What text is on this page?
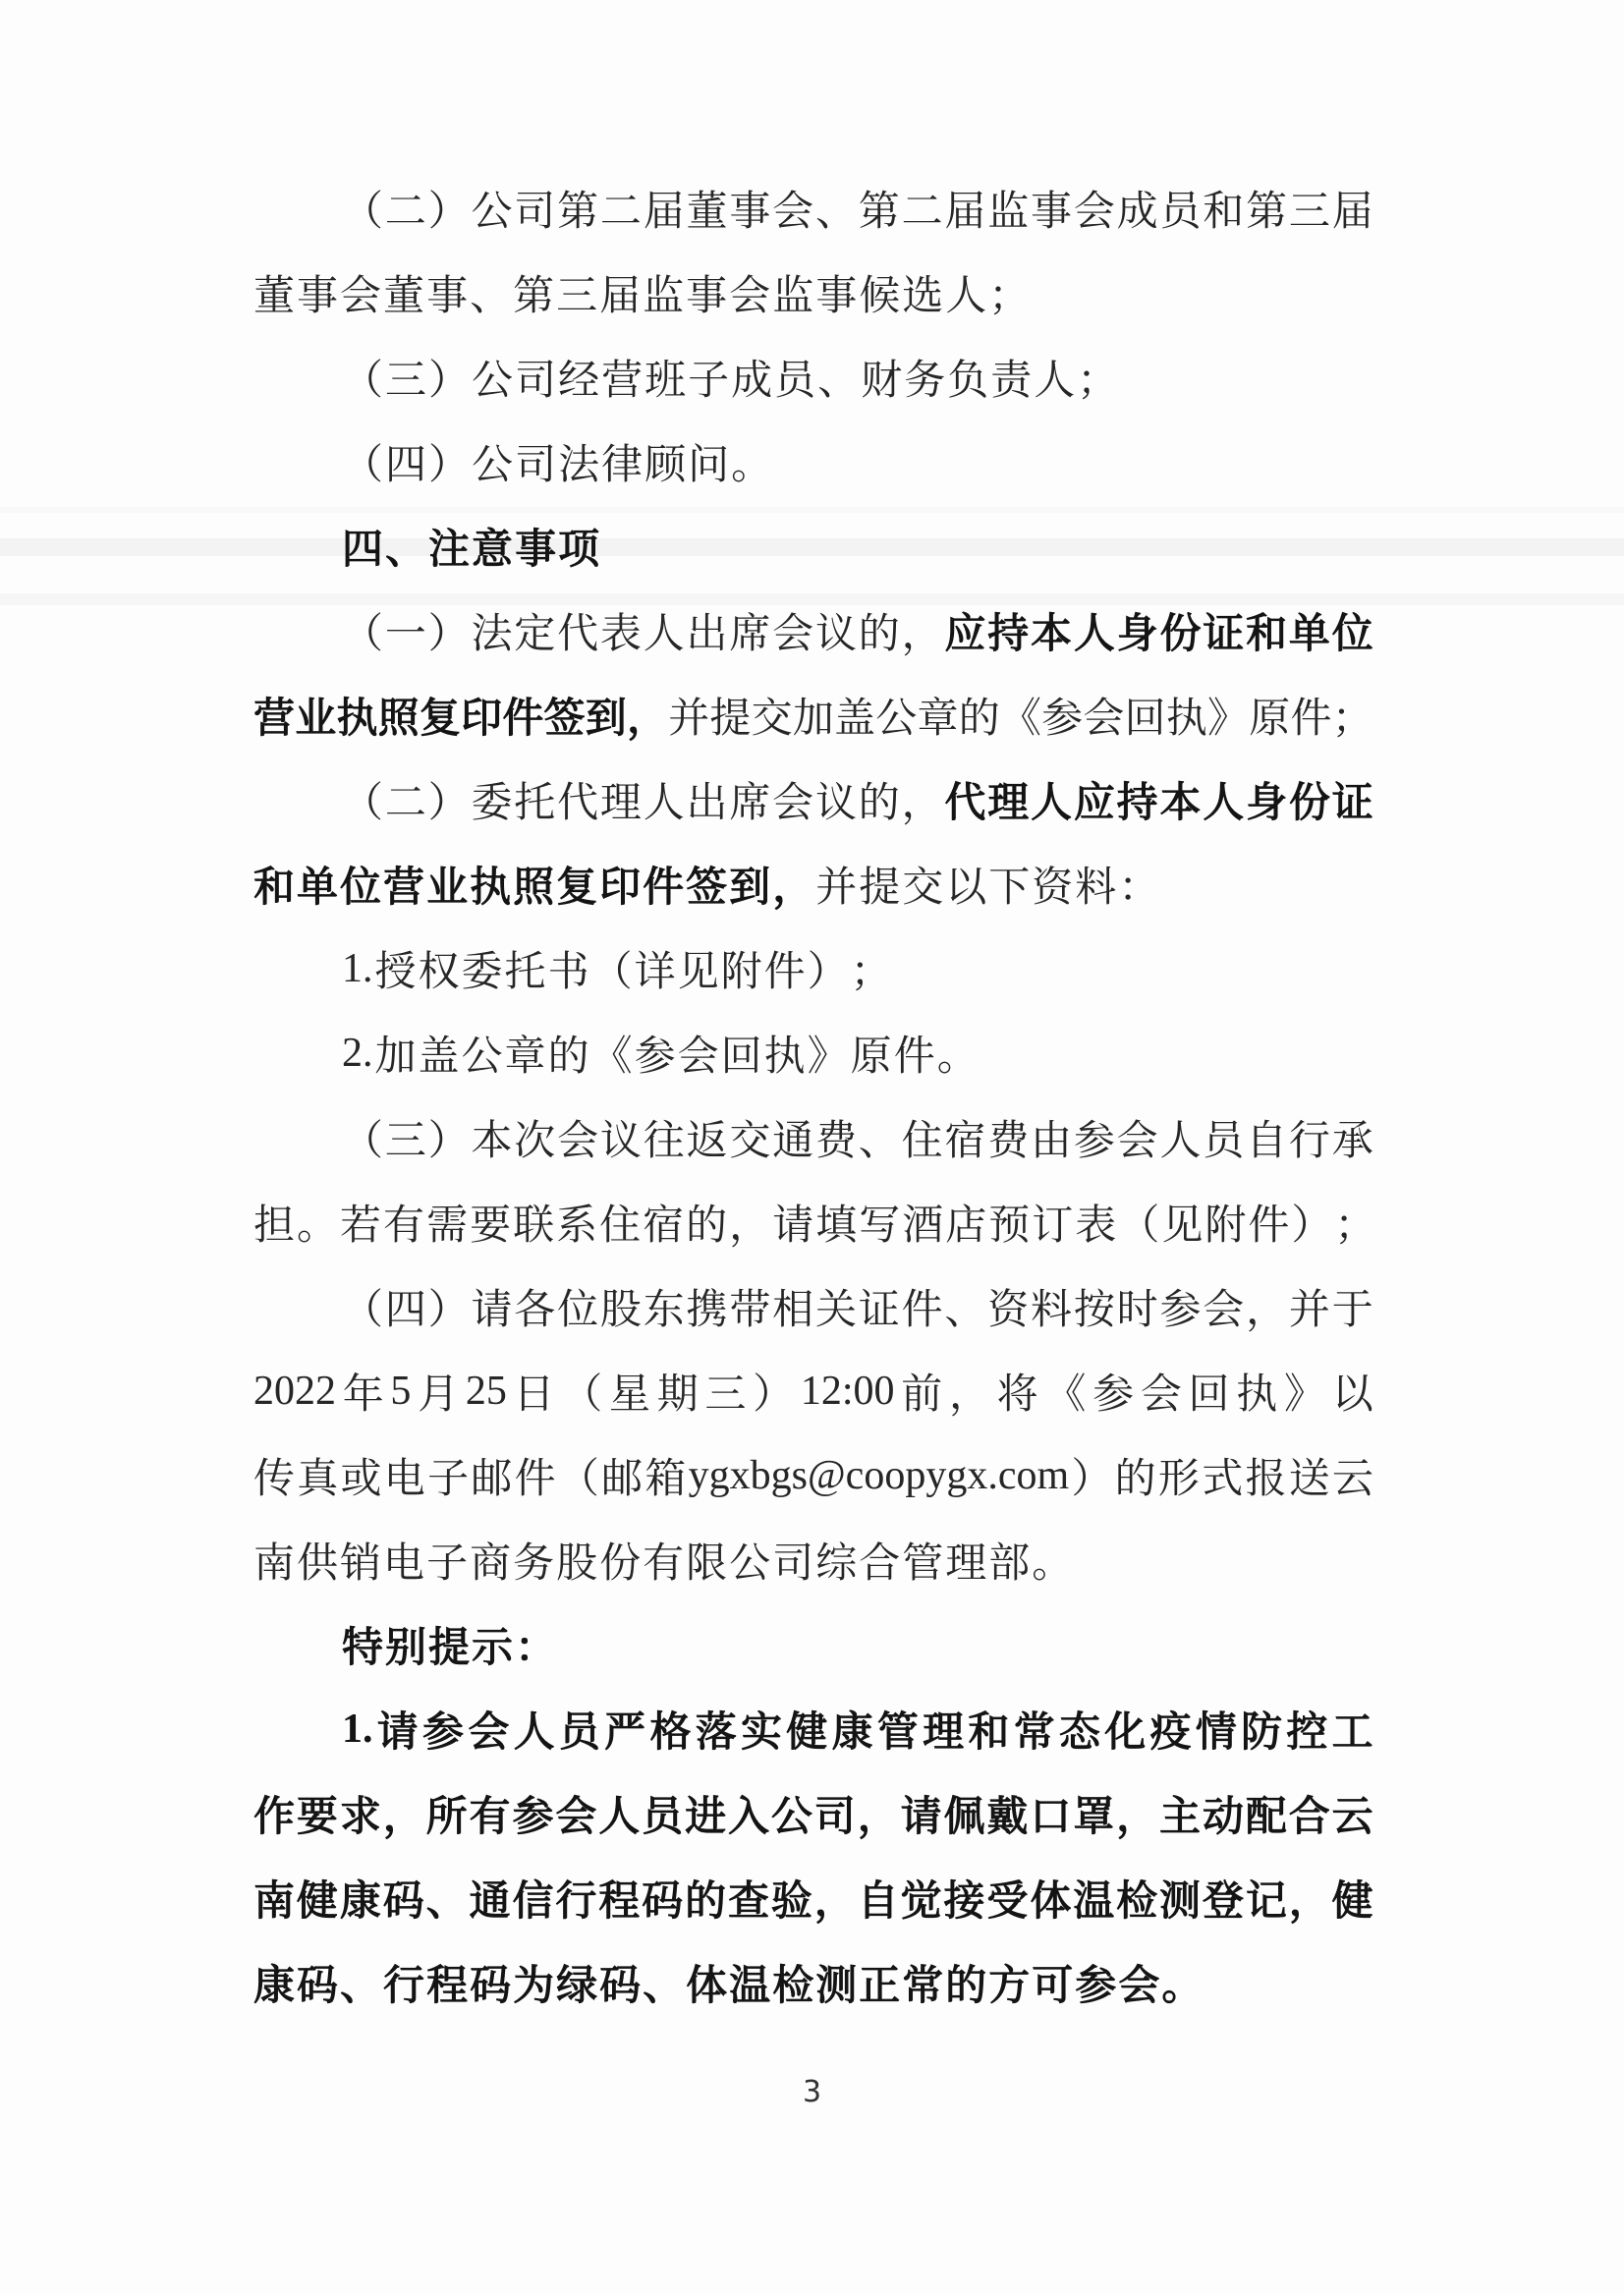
（ 二 ） 公 司 第 二 届 董 事 会 、 第 二 届 监 事 会 成 员 和 第 三 届
董 事 会 董 事 、 第 三 届 监 事 会 监 事 候 选 人 ；
（ 三 ） 公 司 经 营 班 子 成 员 、 财 务 负 责 人 ；
（ 四 ） 公 司 法 律 顾 问 。
四 、 注 意 事 项
（ 一 ） 法 定 代 表 人 出 席 会 议 的 ， 应 持 本 人 身 份 证 和 单 位
营 业 执 照 复 印 件 签 到 ， 并 提 交 加 盖 公 章 的 《 参 会 回 执 》 原 件 ；
（ 二 ） 委 托 代 理 人 出 席 会 议 的 ， 代 理 人 应 持 本 人 身 份 证
和 单 位 营 业 执 照 复 印 件 签 到 ， 并 提 交 以 下 资 料 ：
1. 授 权 委 托 书 （ 详 见 附 件 ） ；
2. 加 盖 公 章 的 《 参 会 回 执 》 原 件 。
（ 三 ） 本 次 会 议 往 返 交 通 费 、 住 宿 费 由 参 会 人 员 自 行 承
担 。 若 有 需 要 联 系 住 宿 的 ， 请 填 写 酒 店 预 订 表 （ 见 附 件 ） ；
（ 四 ） 请 各 位 股 东 携 带 相 关 证 件 、 资 料 按 时 参 会 ， 并 于
2022 年 5 月 25 日 （ 星 期 三 ） 12:00 前 ， 将 《 参 会 回 执 》 以
传 真 或 电 子 邮 件 （ 邮 箱 ygxbgs@coopygx.com ） 的 形 式 报 送 云
南 供 销 电 子 商 务 股 份 有 限 公 司 综 合 管 理 部 。
特 别 提 示 ：
1. 请 参 会 人 员 严 格 落 实 健 康 管 理 和 常 态 化 疫 情 防 控 工
作 要 求 ， 所 有 参 会 人 员 进 入 公 司 ， 请 佩 戴 口 罩 ， 主 动 配 合 云
南 健 康 码 、 通 信 行 程 码 的 查 验 ， 自 觉 接 受 体 温 检 测 登 记 ， 健
康 码 、 行 程 码 为 绿 码 、 体 温 检 测 正 常 的 方 可 参 会 。
3
